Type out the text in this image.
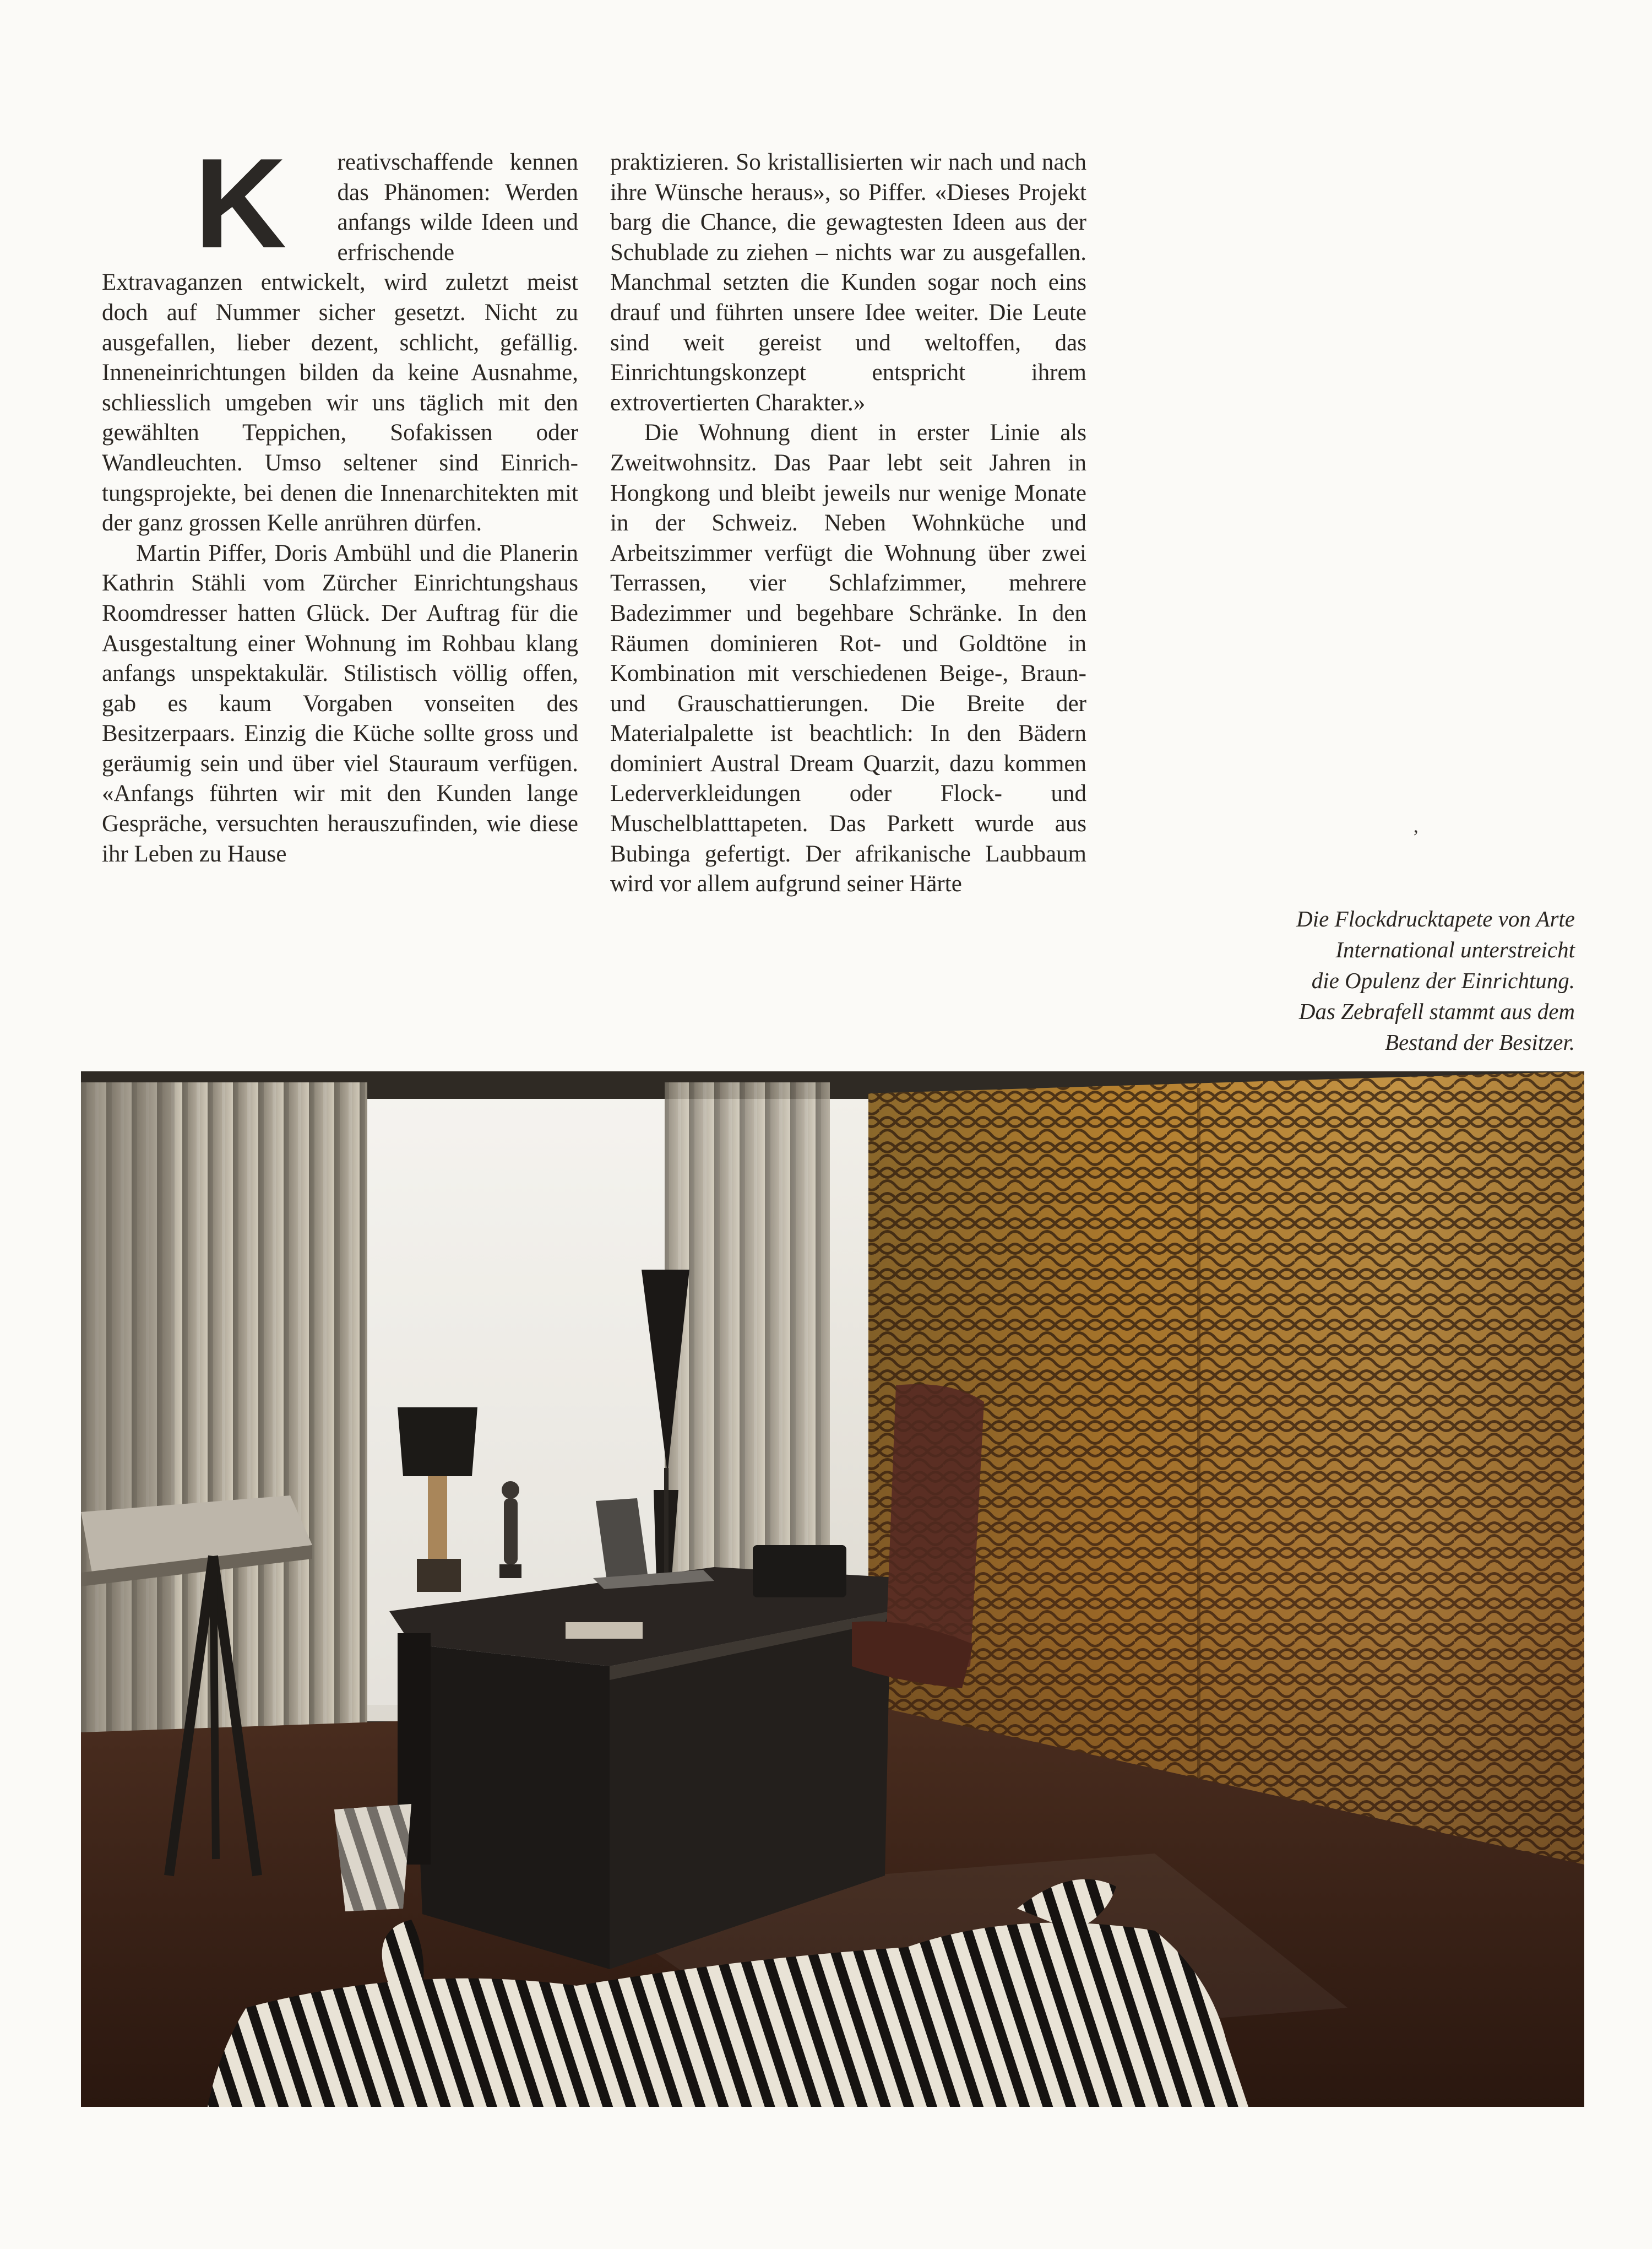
K	reativschaffende kennen das Phänomen: Werden anfangs wilde Ideen und erfrischende Extravaganzen entwickelt, wird zuletzt meist doch auf Nummer sicher gesetzt. Nicht zu ausgefallen, lieber dezent, schlicht, gefällig. Inneneinrichtungen bilden da keine Ausnahme, schliesslich umgeben wir uns täglich mit den gewählten Teppichen, Sofakissen oder Wandleuchten. Umso seltener sind Einrichtungsprojekte, bei denen die Innenarchitekten mit der ganz grossen Kelle anrühren dürfen.

Martin Piffer, Doris Ambühl und die Planerin Kathrin Stähli vom Zürcher Einrichtungshaus Roomdresser hatten Glück. Der Auftrag für die Ausgestaltung einer Wohnung im Rohbau klang anfangs unspektakulär. Stilistisch völlig offen, gab es kaum Vorgaben vonseiten des Besitzerpaars. Einzig die Küche sollte gross und geräumig sein und über viel Stauraum verfügen. «Anfangs führten wir mit den Kunden lange Gespräche, versuchten herauszufinden, wie diese ihr Leben zu Hause

praktizieren. So kristallisierten wir nach und nach ihre Wünsche heraus», so Piffer. «Dieses Projekt barg die Chance, die gewagtesten Ideen aus der Schublade zu ziehen – nichts war zu ausgefallen. Manchmal setzten die Kunden sogar noch eins drauf und führten unsere Idee weiter. Die Leute sind weit gereist und weltoffen, das Einrichtungskonzept entspricht ihrem extrovertierten Charakter.»

Die Wohnung dient in erster Linie als Zweitwohnsitz. Das Paar lebt seit Jahren in Hongkong und bleibt jeweils nur wenige Monate in der Schweiz. Neben Wohnküche und Arbeitszimmer verfügt die Wohnung über zwei Terrassen, vier Schlafzimmer, mehrere Badezimmer und begehbare Schränke. In den Räumen dominieren Rot- und Goldtöne in Kombination mit verschiedenen Beige-, Braun- und Grauschattierungen. Die Breite der Materialpalette ist beachtlich: In den Bädern dominiert Austral Dream Quarzit, dazu kommen Lederverkleidungen oder Flock- und Muschelblatttapeten. Das Parkett wurde aus Bubinga gefertigt. Der afrikanische Laubbaum wird vor allem aufgrund seiner Härte

’

Die Flockdrucktapete von Arte
International unterstreicht
die Opulenz der Einrichtung.
Das Zebrafell stammt aus dem
Bestand der Besitzer.
